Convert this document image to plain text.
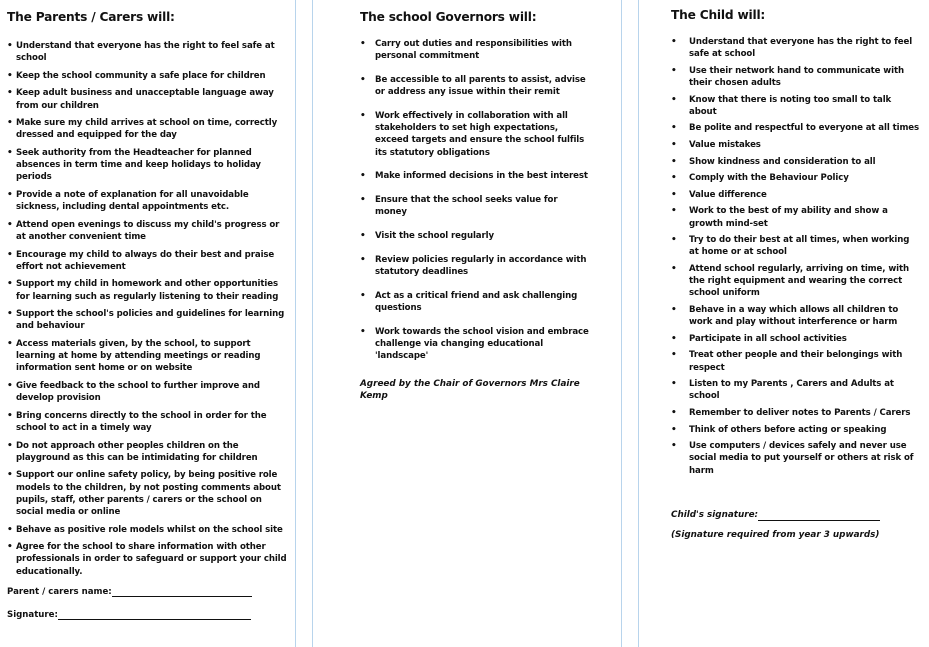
The Parents / Carers will:
• Understand that everyone has the right to feel safe at school
• Keep the school community a safe place for children
• Keep adult business and unacceptable language away from our children
• Make sure my child arrives at school on time, correctly dressed and equipped for the day
• Seek authority from the Headteacher for planned absences in term time and keep holidays to holiday periods
• Provide a note of explanation for all unavoidable sickness, including dental appointments etc.
• Attend open evenings to discuss my child's progress or at another convenient time
• Encourage my child to always do their best and praise effort not achievement
• Support my child in homework and other opportunities for learning such as regularly listening to their reading
• Support the school's policies and guidelines for learning and behaviour
• Access materials given, by the school, to support learning at home by attending meetings or reading information sent home or on website
• Give feedback to the school to further improve and develop provision
• Bring concerns directly to the school in order for the school to act in a timely way
• Do not approach other peoples children on the playground as this can be intimidating for children
• Support our online safety policy, by being positive role models to the children, by not posting comments about pupils, staff, other parents / carers or the school on social media or online
• Behave as positive role models whilst on the school site
• Agree for the school to share information with other professionals in order to safeguard or support your child educationally.
Parent / carers name:
Signature:
The school Governors will:
• Carry out duties and responsibilities with personal commitment
• Be accessible to all parents to assist, advise or address any issue within their remit
• Work effectively in collaboration with all stakeholders to set high expectations, exceed targets and ensure the school fulfils its statutory obligations
• Make informed decisions in the best interest
• Ensure that the school seeks value for money
• Visit the school regularly
• Review policies regularly in accordance with statutory deadlines
• Act as a critical friend and ask challenging questions
• Work towards the school vision and embrace challenge via changing educational 'landscape'
Agreed by the Chair of Governors Mrs Claire Kemp
The Child will:
• Understand that everyone has the right to feel safe at school
• Use their network hand to communicate with their chosen adults
• Know that there is noting too small to talk about
• Be polite and respectful to everyone at all times
• Value mistakes
• Show kindness and consideration to all
• Comply with the Behaviour Policy
• Value difference
• Work to the best of my ability and show a growth mind-set
• Try to do their best at all times, when working at home or at school
• Attend school regularly, arriving on time, with the right equipment and wearing the correct school uniform
• Behave in a way which allows all children to work and play without interference or harm
• Participate in all school activities
• Treat other people and their belongings with respect
• Listen to my Parents , Carers and Adults at school
• Remember to deliver notes to Parents / Carers
• Think of others before acting or speaking
• Use computers / devices safely and never use social media to put yourself or others at risk of harm
Child's signature:
(Signature required from year 3 upwards)
